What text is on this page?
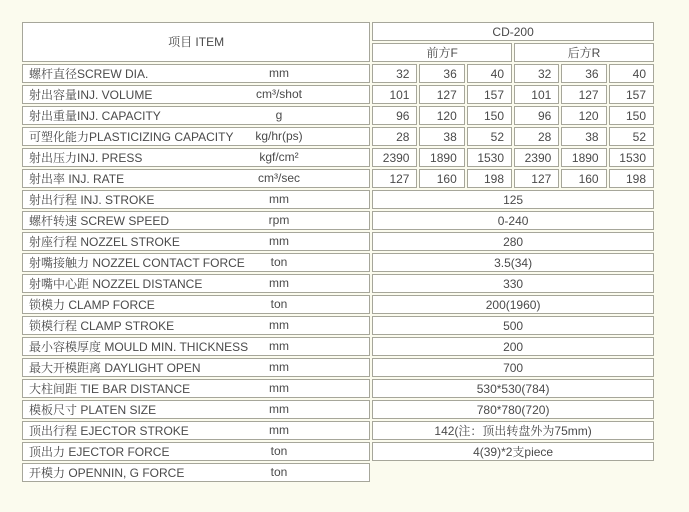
项目 ITEM	CD-200					
	前方F			后方R		
螺杆直径SCREW DIA. mm	32	36	40	32	36	40
射出容量INJ. VOLUME cm³/shot	101	127	157	101	127	157
射出重量INJ. CAPACITY g	96	120	150	96	120	150
可塑化能力PLASTICIZING CAPACITY kg/hr(ps)	28	38	52	28	38	52
射出压力INJ. PRESS kgf/cm²	2390	1890	1530	2390	1890	1530
射出率 INJ. RATE cm³/sec	127	160	198	127	160	198
射出行程 INJ. STROKE mm	125					
螺杆转速 SCREW SPEED rpm	0-240					
射座行程 NOZZEL STROKE mm	280					
射嘴接触力 NOZZEL CONTACT FORCE ton	3.5(34)					
射嘴中心距 NOZZEL DISTANCE mm	330					
锁模力 CLAMP FORCE ton	200(1960)					
锁模行程 CLAMP STROKE mm	500					
最小容模厚度 MOULD MIN. THICKNESS mm	200					
最大开模距离 DAYLIGHT OPEN mm	700					
大柱间距 TIE BAR DISTANCE mm	530*530(784)					
模板尺寸 PLATEN SIZE mm	780*780(720)					
顶出行程 EJECTOR STROKE mm	142(注：顶出转盘外为75mm)					
顶出力 EJECTOR FORCE ton	4(39)*2支piece					
开模力 OPENNIN, G FORCE ton						
